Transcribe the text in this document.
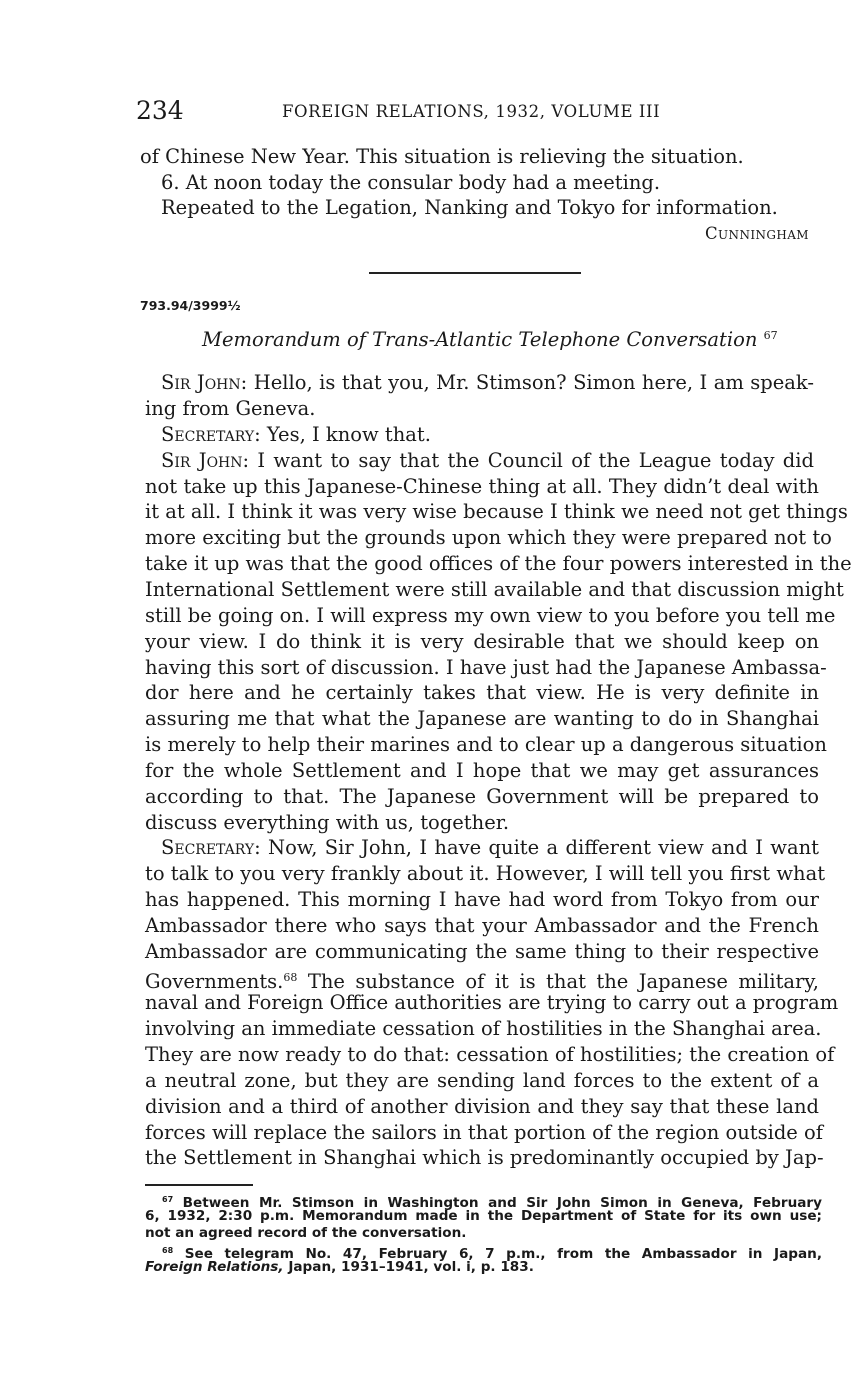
234	FOREIGN RELATIONS, 1932, VOLUME III
of Chinese New Year. This situation is relieving the situation.
6. At noon today the consular body had a meeting.
Repeated to the Legation, Nanking and Tokyo for information.
Cunningham
793.94/3999½
Memorandum of Trans-Atlantic Telephone Conversation $^{67}$
Sir John: Hello, is that you, Mr. Stimson? Simon here, I am speak-
ing from Geneva.
Secretary: Yes, I know that.
Sir John: I want to say that the Council of the League today did
not take up this Japanese-Chinese thing at all. They didn’t deal with
it at all. I think it was very wise because I think we need not get things
more exciting but the grounds upon which they were prepared not to
take it up was that the good offices of the four powers interested in the
International Settlement were still available and that discussion might
still be going on. I will express my own view to you before you tell me
your view. I do think it is very desirable that we should keep on
having this sort of discussion. I have just had the Japanese Ambassa-
dor here and he certainly takes that view. He is very definite in
assuring me that what the Japanese are wanting to do in Shanghai
is merely to help their marines and to clear up a dangerous situation
for the whole Settlement and I hope that we may get assurances
according to that. The Japanese Government will be prepared to
discuss everything with us, together.
Secretary: Now, Sir John, I have quite a different view and I want
to talk to you very frankly about it. However, I will tell you first what
has happened. This morning I have had word from Tokyo from our
Ambassador there who says that your Ambassador and the French
Ambassador are communicating the same thing to their respective
Governments.$^{68}$ The substance of it is that the Japanese military,
naval and Foreign Office authorities are trying to carry out a program
involving an immediate cessation of hostilities in the Shanghai area.
They are now ready to do that: cessation of hostilities; the creation of
a neutral zone, but they are sending land forces to the extent of a
division and a third of another division and they say that these land
forces will replace the sailors in that portion of the region outside of
the Settlement in Shanghai which is predominantly occupied by Jap-
$^{67}$ Between Mr. Stimson in Washington and Sir John Simon in Geneva, February
6, 1932, 2:30 p.m. Memorandum made in the Department of State for its own use;
not an agreed record of the conversation.
$^{68}$ See telegram No. 47, February 6, 7 p.m., from the Ambassador in Japan,
Foreign Relations, Japan, 1931–1941, vol. i, p. 183.
